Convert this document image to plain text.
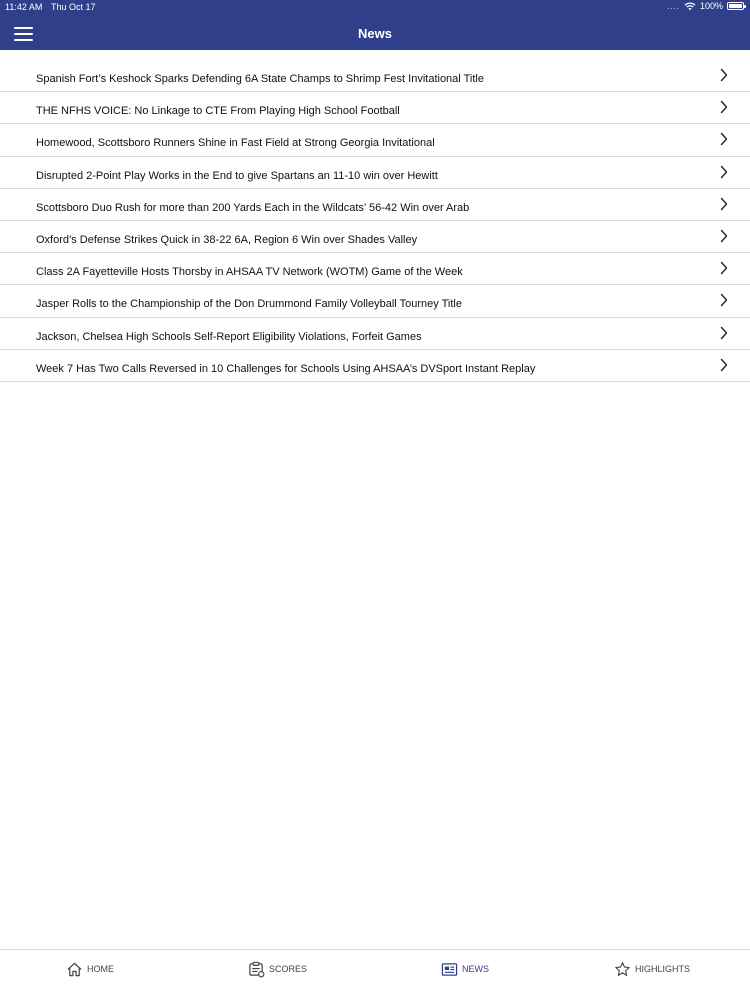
11:42 AM Thu Oct 17	.... 100%
News
Spanish Fort’s Keshock Sparks Defending 6A State Champs to Shrimp Fest Invitational Title
THE NFHS VOICE: No Linkage to CTE From Playing High School Football
Homewood, Scottsboro Runners Shine in Fast Field at Strong Georgia Invitational
Disrupted 2-Point Play Works in the End to give Spartans an 11-10 win over Hewitt
Scottsboro Duo Rush for more than 200 Yards Each in the Wildcats’ 56-42 Win over Arab
Oxford’s Defense Strikes Quick in 38-22 6A, Region 6 Win over Shades Valley
Class 2A Fayetteville Hosts Thorsby in AHSAA TV Network (WOTM) Game of the Week
Jasper Rolls to the Championship of the Don Drummond Family Volleyball Tourney Title
Jackson, Chelsea High Schools Self-Report Eligibility Violations, Forfeit Games
Week 7 Has Two Calls Reversed in 10 Challenges for Schools Using AHSAA’s DVSport Instant Replay
HOME	SCORES	NEWS	HIGHLIGHTS
